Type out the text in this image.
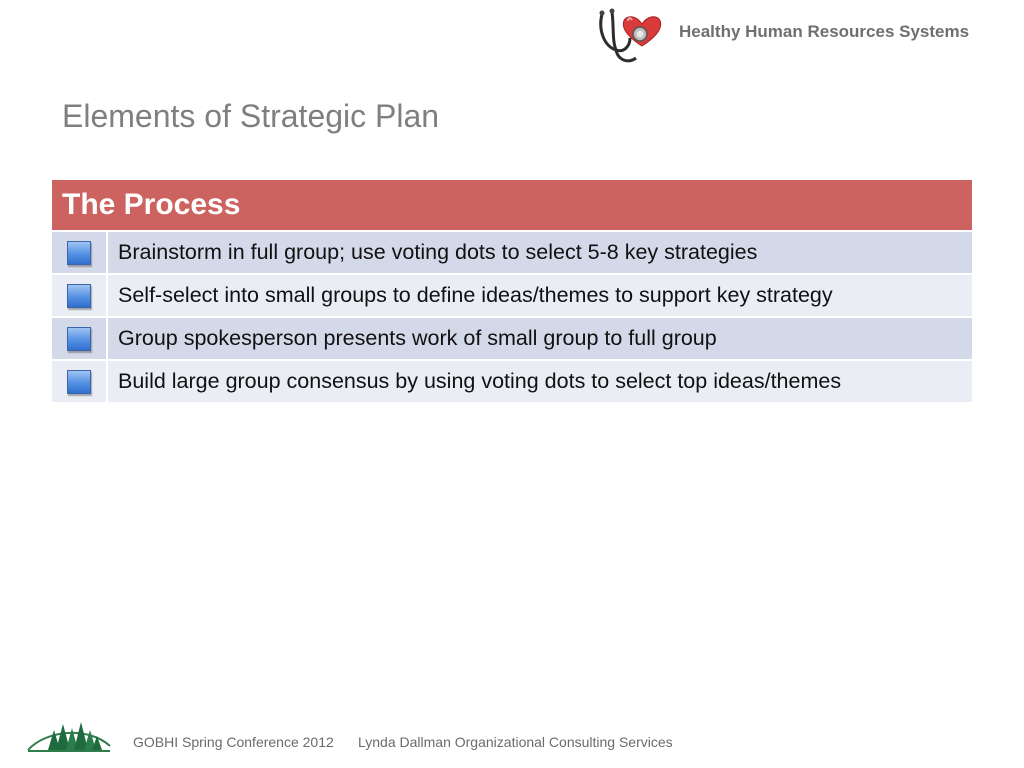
Healthy Human Resources Systems
Elements of Strategic Plan
The Process
Brainstorm in full group; use voting dots to select 5-8 key strategies
Self-select into small groups to define ideas/themes to support key strategy
Group spokesperson presents work of small group to full group
Build large group consensus by using voting dots to select top ideas/themes
GOBHI Spring Conference 2012 Lynda Dallman Organizational Consulting Services
